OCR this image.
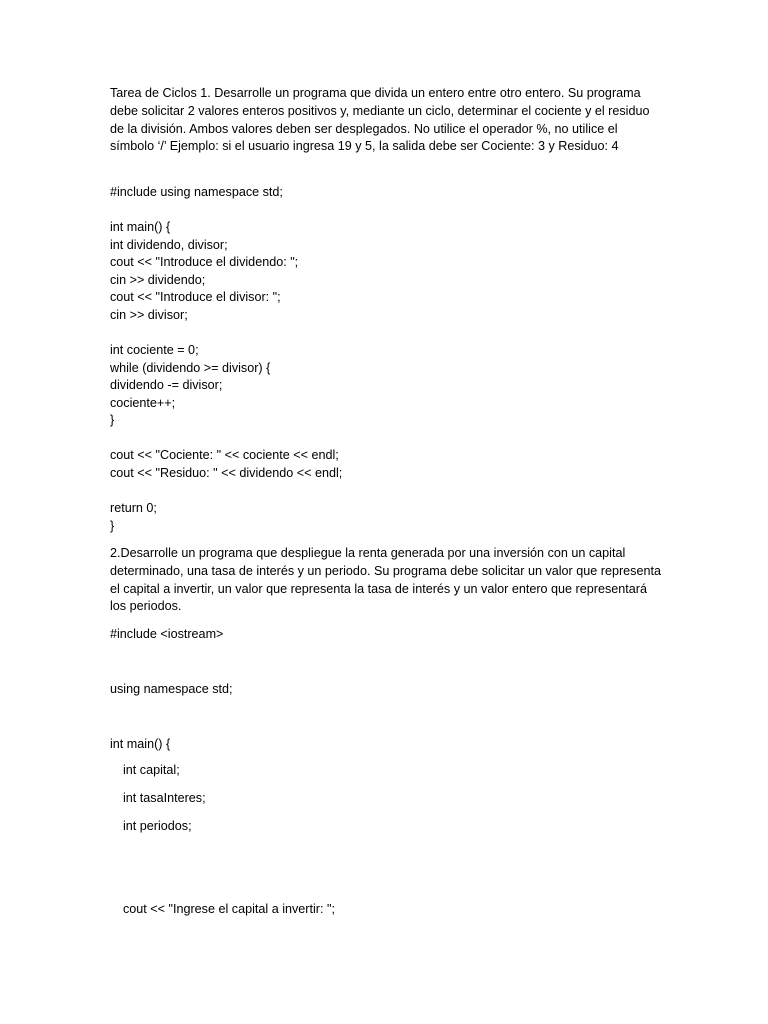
Tarea de Ciclos 1. Desarrolle un programa que divida un entero entre otro entero. Su programa debe solicitar 2 valores enteros positivos y, mediante un ciclo, determinar el cociente y el residuo de la división. Ambos valores deben ser desplegados. No utilice el operador %, no utilice el símbolo ‘/’ Ejemplo: si el usuario ingresa 19 y 5, la salida debe ser Cociente: 3 y Residuo: 4

#include using namespace std;

int main() {

int dividendo, divisor;

cout << "Introduce el dividendo: ";

cin >> dividendo;

cout << "Introduce el divisor: ";

cin >> divisor;

int cociente = 0;

while (dividendo >= divisor) {

dividendo -= divisor;

cociente++;

}

cout << "Cociente: " << cociente << endl;

cout << "Residuo: " << dividendo << endl;

return 0;

}

2.Desarrolle un programa que despliegue la renta generada por una inversión con un capital determinado, una tasa de interés y un periodo. Su programa debe solicitar un valor que representa el capital a invertir, un valor que representa la tasa de interés y un valor entero que representará los periodos.

#include <iostream>

using namespace std;

int main() {

int capital;

int tasaInteres;

int periodos;

cout << "Ingrese el capital a invertir: ";
